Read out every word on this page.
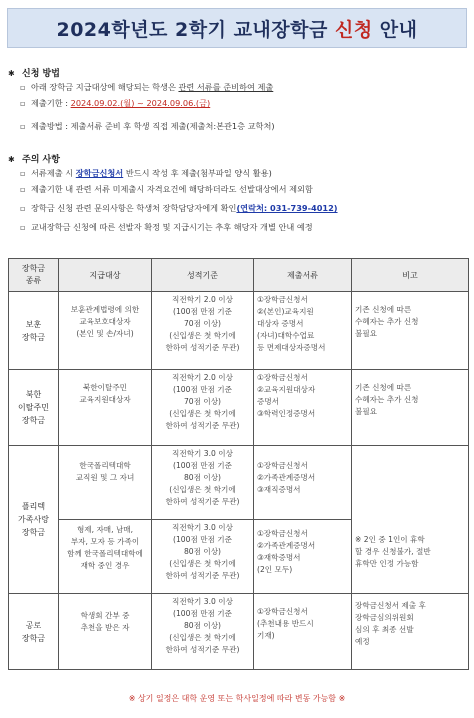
2024학년도 2학기 교내장학금 신청 안내
✱ 신청 방법
▫ 아래 장학금 지급대상에 해당되는 학생은 관련 서류를 준비하여 제출
▫ 제출기한 : 2024.09.02.(월) ~ 2024.09.06.(금)
▫ 제출방법 : 제출서류 준비 후 학생 직접 제출(제출처:본관1층 교학처)
✱ 주의 사항
▫ 서류제출 시 장학금신청서 반드시 작성 후 제출(첨부파일 양식 활용)
▫ 제출기한 내 관련 서류 미제출시 자격요건에 해당하더라도 선발대상에서 제외함
▫ 장학금 신청 관련 문의사항은 학생처 장학담당자에게 확인(연락처: 031-739-4012)
▫ 교내장학금 신청에 따른 선발자 확정 및 지급시기는 추후 해당자 개별 안내 예정
장학금
종류	지급대상	성적기준	제출서류	비고
보훈
장학금	보훈관계법령에 의한
교육보호대상자
(본인 및 손/자녀)	직전학기 2.0 이상
(100점 만점 기준
70점 이상)
(신입생은 첫 학기에
한하여 성적기준 무관)	①장학금신청서
②(본인)교육지원
대상자 증명서
(자녀)대학수업료
등 면제대상자증명서	기존 신청에 따른
수혜자는 추가 신청
불필요
북한
이탈주민
장학금	북한이탈주민
교육지원대상자	직전학기 2.0 이상
(100점 만점 기준
70점 이상)
(신입생은 첫 학기에
한하여 성적기준 무관)	①장학금신청서
②교육지원대상자
증명서
③학력인정증명서	기존 신청에 따른
수혜자는 추가 신청
불필요
플리텍
가족사랑
장학금	한국폴리텍대학
교직원 및 그 자녀	직전학기 3.0 이상
(100점 만점 기준
80점 이상)
(신입생은 첫 학기에
한하여 성적기준 무관)	①장학금신청서
②가족관계증명서
③재직증명서	※ 2인 중 1인이 휴학
할 경우 신청불가, 절반
휴학만 인정 가능함
	형제, 자매, 남매,
부자, 모자 등 가족이
함께 한국폴리텍대학에
재학 중인 경우	직전학기 3.0 이상
(100점 만점 기준
80점 이상)
(신입생은 첫 학기에
한하여 성적기준 무관)	①장학금신청서
②가족관계증명서
③재학증명서
(2인 모두)	
공로
장학금	학생회 간부 중
추천을 받은 자	직전학기 3.0 이상
(100점 만점 기준
80점 이상)
(신입생은 첫 학기에
한하여 성적기준 무관)	①장학금신청서
(추천내용 반드시
기재)	장학금신청서 제출 후
장학금심의위원회
심의 후 최종 선발
예정
※ 상기 일정은 대학 운영 또는 학사일정에 따라 변동 가능함 ※
